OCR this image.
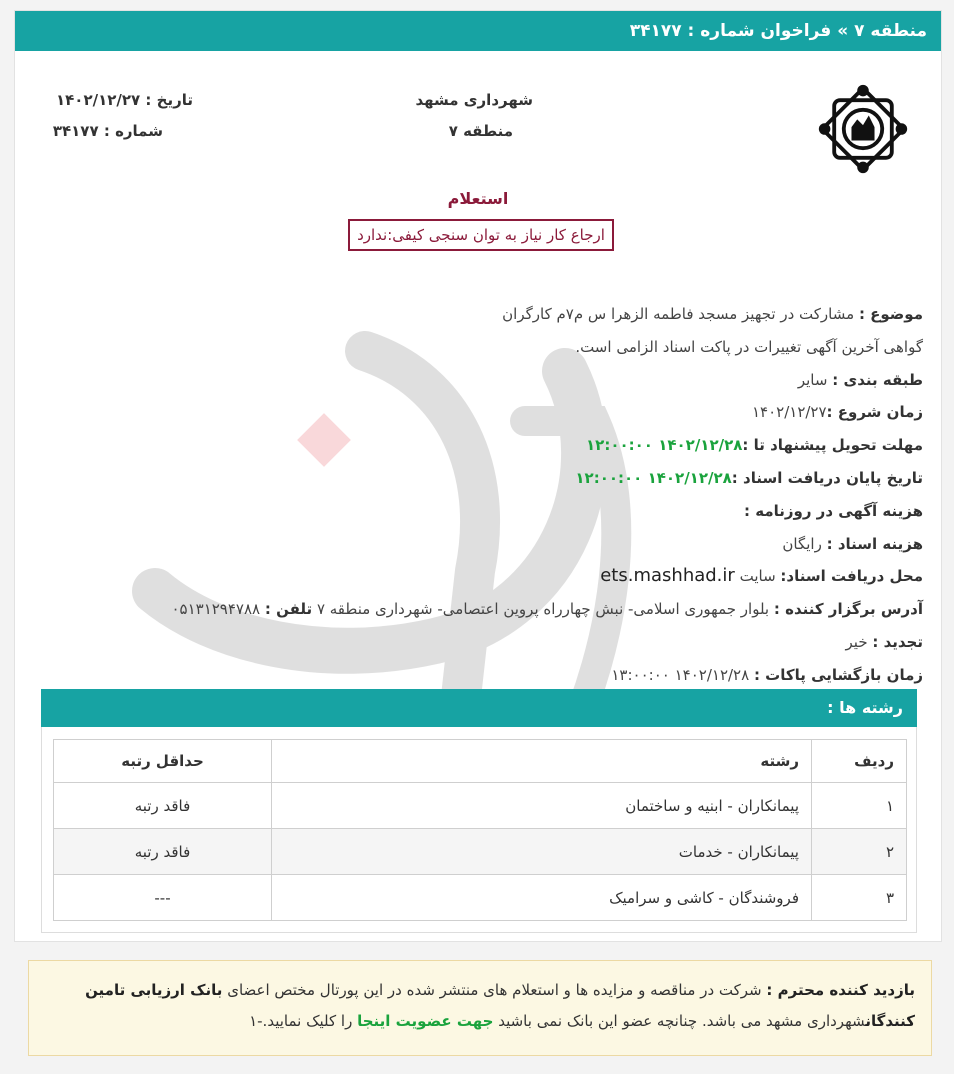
منطقه ۷ » فراخوان شماره : ۳۴۱۷۷
شهرداری مشهد
منطقه ۷
تاریخ : ۱۴۰۲/۱۲/۲۷
شماره : ۳۴۱۷۷
استعلام
ارجاع کار نیاز به توان سنجی کیفی:ندارد
موضوع : مشارکت در تجهیز مسجد فاطمه الزهرا س م۷م کارگران
گواهی آخرین آگهی تغییرات در پاکت اسناد الزامی است.
طبقه بندی : سایر
زمان شروع :۱۴۰۲/۱۲/۲۷
مهلت تحویل پیشنهاد تا :۱۴۰۲/۱۲/۲۸ ۱۲:۰۰:۰۰
تاریخ پایان دریافت اسناد :۱۴۰۲/۱۲/۲۸ ۱۲:۰۰:۰۰
هزینه آگهی در روزنامه :
هزینه اسناد : رایگان
محل دریافت اسناد: سایت ets.mashhad.ir
آدرس برگزار کننده : بلوار جمهوری اسلامی- نبش چهارراه پروین اعتصامی- شهرداری منطقه ۷ تلفن : ۰۵۱۳۱۲۹۴۷۸۸
تجدید : خیر
زمان بازگشایی پاکات : ۱۴۰۲/۱۲/۲۸ ۱۳:۰۰:۰۰
رشته ها :
ردیف	رشته	حداقل رتبه
۱	پیمانکاران - ابنیه و ساختمان	فاقد رتبه
۲	پیمانکاران - خدمات	فاقد رتبه
۳	فروشندگان - کاشی و سرامیک	---
بازدید کننده محترم : شرکت در مناقصه و مزایده ها و استعلام های منتشر شده در این پورتال مختص اعضای بانک ارزیابی تامین کنندگانشهرداری مشهد می باشد. چنانچه عضو این بانک نمی باشید جهت عضویت اینجا را کلیک نمایید.-۱
